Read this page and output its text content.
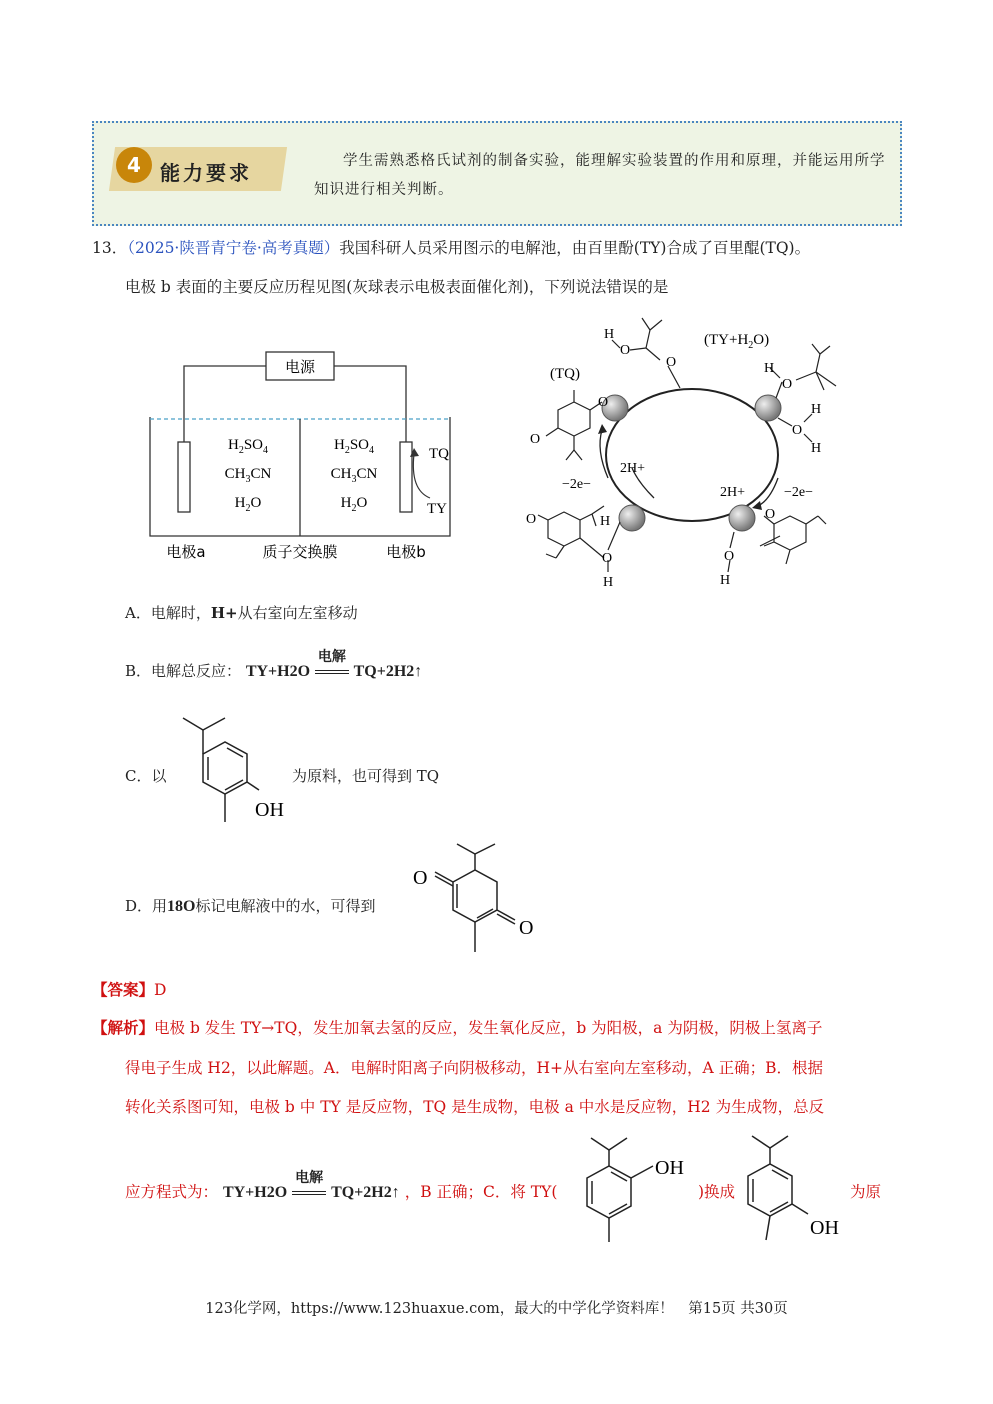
4 能力要求	学生需熟悉格氏试剂的制备实验，能理解实验装置的作用和原理，并能运用所学知识进行相关判断。
13．（2025·陕晋青宁卷·高考真题）我国科研人员采用图示的电解池，由百里酚(TY)合成了百里醌(TQ)。
电极 b 表面的主要反应历程见图(灰球表示电极表面催化剂)，下列说法错误的是
电源
$H_2SO_4$
$CH_3CN$
$H_2O$
$H_2SO_4$
$CH_3CN$
$H_2O$
TQ
TY
电极a	质子交换膜	电极b
O
O
H	$(TY+H_2O)$
O
H
O
H
H
(TQ)
O
O
−2e−
2H+
2H+	−2e−
O	H
O
H
O
O
H
A．电解时，H+从右室向左室移动
B．电解总反应： TY+H2O
电解
TQ+2H2↑
C．以
OH
为原料，也可得到 TQ
D．用18O标记电解液中的水，可得到
O
O
【答案】D
【解析】电极 b 发生 TY→TQ，发生加氧去氢的反应，发生氧化反应，b 为阳极，a 为阴极，阴极上氢离子
得电子生成 H2，以此解题。A．电解时阳离子向阴极移动，H+从右室向左室移动，A 正确；B．根据
转化关系图可知，电极 b 中 TY 是反应物，TQ 是生成物，电极 a 中水是反应物，H2 为生成物，总反
应方程式为： TY+H2O
电解
TQ+2H2↑ ，B 正确；C．将 TY(
OH
)换成
OH
为原
123化学网，https://www.123huaxue.com，最大的中学化学资料库！　第15页 共30页
